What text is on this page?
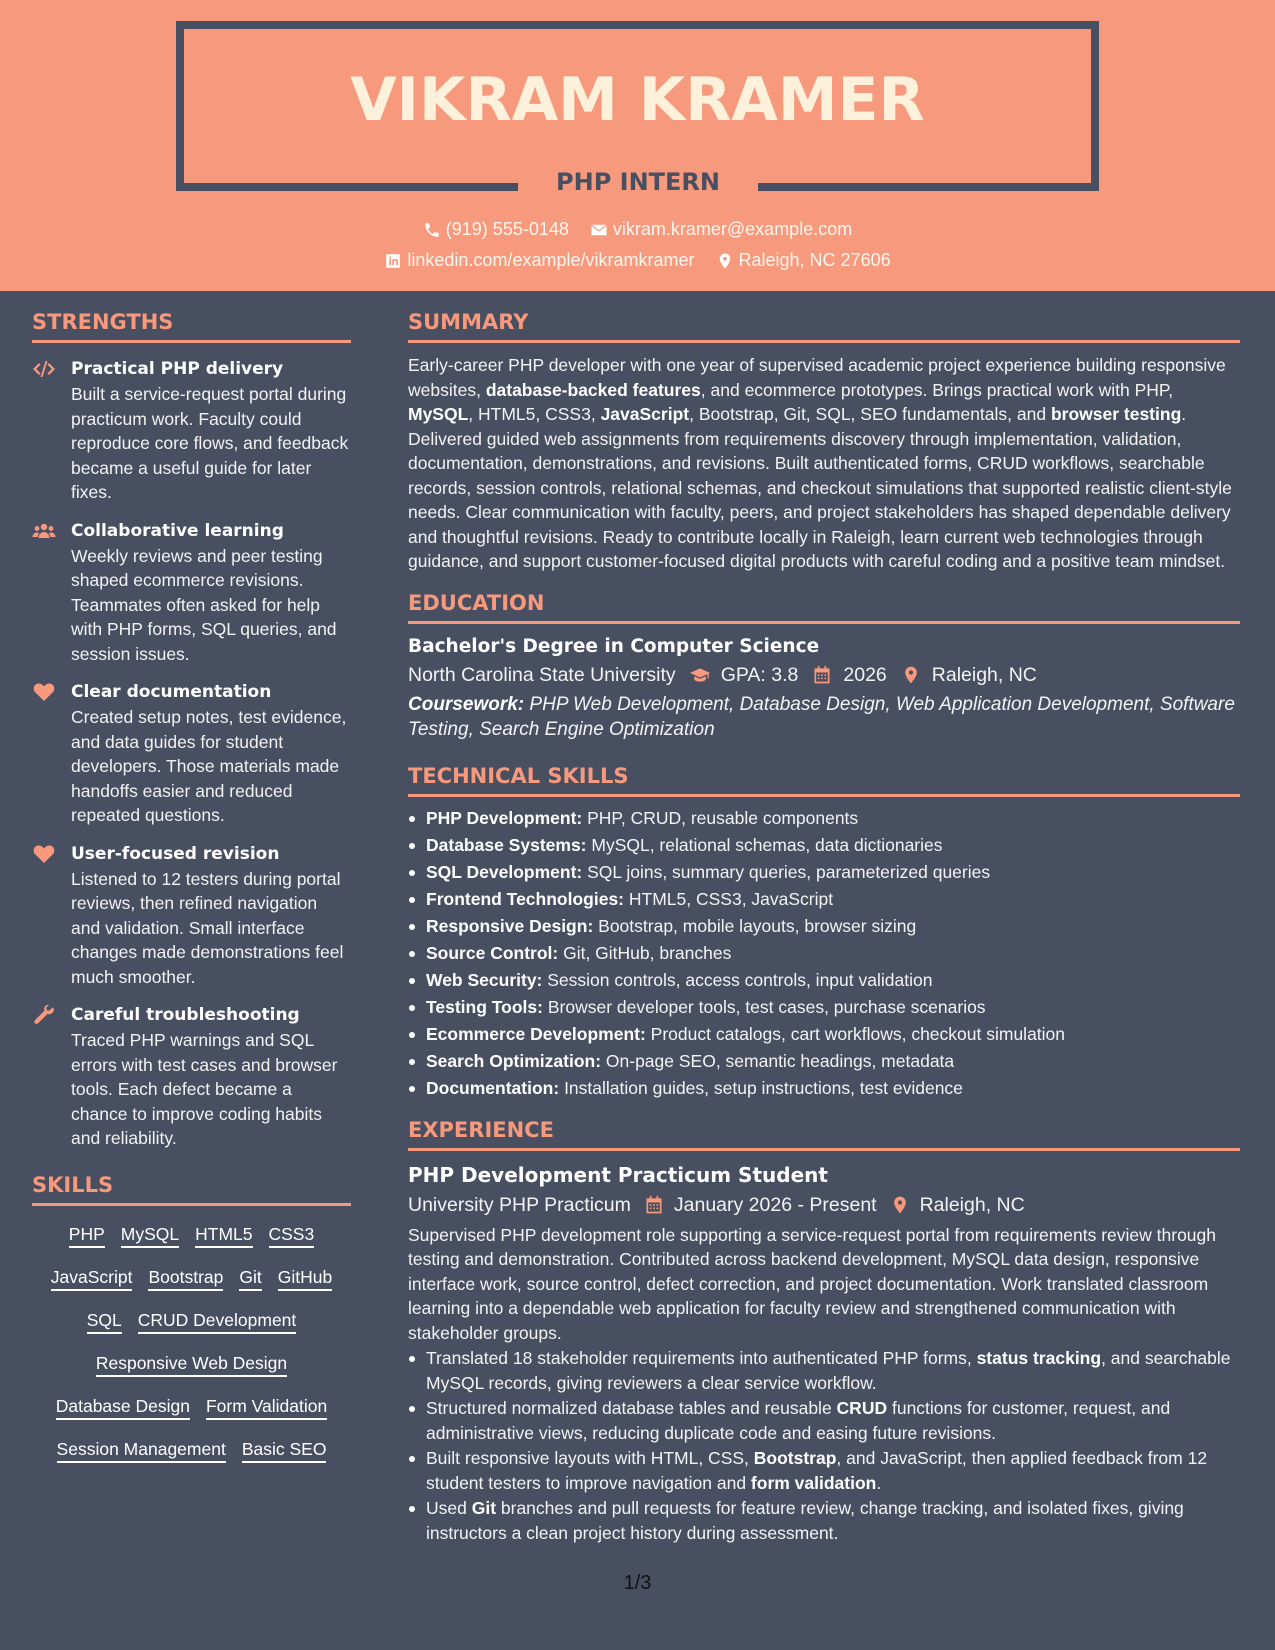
VIKRAM KRAMER
PHP INTERN
(919) 555-0148
vikram.kramer@example.com
linkedin.com/example/vikramkramer
Raleigh, NC 27606
STRENGTHS
Practical PHP delivery
Built a service-request portal during practicum work. Faculty could reproduce core flows, and feedback became a useful guide for later fixes.
Collaborative learning
Weekly reviews and peer testing shaped ecommerce revisions. Teammates often asked for help with PHP forms, SQL queries, and session issues.
Clear documentation
Created setup notes, test evidence, and data guides for student developers. Those materials made handoffs easier and reduced repeated questions.
User-focused revision
Listened to 12 testers during portal reviews, then refined navigation and validation. Small interface changes made demonstrations feel much smoother.
Careful troubleshooting
Traced PHP warnings and SQL errors with test cases and browser tools. Each defect became a chance to improve coding habits and reliability.
SKILLS
PHP MySQL HTML5 CSS3
JavaScript Bootstrap Git GitHub
SQL CRUD Development
Responsive Web Design
Database Design Form Validation
Session Management Basic SEO
SUMMARY
Early-career PHP developer with one year of supervised academic project experience building responsive websites, database-backed features, and ecommerce prototypes. Brings practical work with PHP, MySQL, HTML5, CSS3, JavaScript, Bootstrap, Git, SQL, SEO fundamentals, and browser testing. Delivered guided web assignments from requirements discovery through implementation, validation, documentation, demonstrations, and revisions. Built authenticated forms, CRUD workflows, searchable records, session controls, relational schemas, and checkout simulations that supported realistic client-style needs. Clear communication with faculty, peers, and project stakeholders has shaped dependable delivery and thoughtful revisions. Ready to contribute locally in Raleigh, learn current web technologies through guidance, and support customer-focused digital products with careful coding and a positive team mindset.
EDUCATION
Bachelor's Degree in Computer Science
North Carolina State University GPA: 3.8 2026 Raleigh, NC
Coursework: PHP Web Development, Database Design, Web Application Development, Software Testing, Search Engine Optimization
TECHNICAL SKILLS
PHP Development: PHP, CRUD, reusable components
Database Systems: MySQL, relational schemas, data dictionaries
SQL Development: SQL joins, summary queries, parameterized queries
Frontend Technologies: HTML5, CSS3, JavaScript
Responsive Design: Bootstrap, mobile layouts, browser sizing
Source Control: Git, GitHub, branches
Web Security: Session controls, access controls, input validation
Testing Tools: Browser developer tools, test cases, purchase scenarios
Ecommerce Development: Product catalogs, cart workflows, checkout simulation
Search Optimization: On-page SEO, semantic headings, metadata
Documentation: Installation guides, setup instructions, test evidence
EXPERIENCE
PHP Development Practicum Student
University PHP Practicum January 2026 - Present Raleigh, NC
Supervised PHP development role supporting a service-request portal from requirements review through testing and demonstration. Contributed across backend development, MySQL data design, responsive interface work, source control, defect correction, and project documentation. Work translated classroom learning into a dependable web application for faculty review and strengthened communication with stakeholder groups.
Translated 18 stakeholder requirements into authenticated PHP forms, status tracking, and searchable MySQL records, giving reviewers a clear service workflow.
Structured normalized database tables and reusable CRUD functions for customer, request, and administrative views, reducing duplicate code and easing future revisions.
Built responsive layouts with HTML, CSS, Bootstrap, and JavaScript, then applied feedback from 12 student testers to improve navigation and form validation.
Used Git branches and pull requests for feature review, change tracking, and isolated fixes, giving instructors a clean project history during assessment.
1/3
